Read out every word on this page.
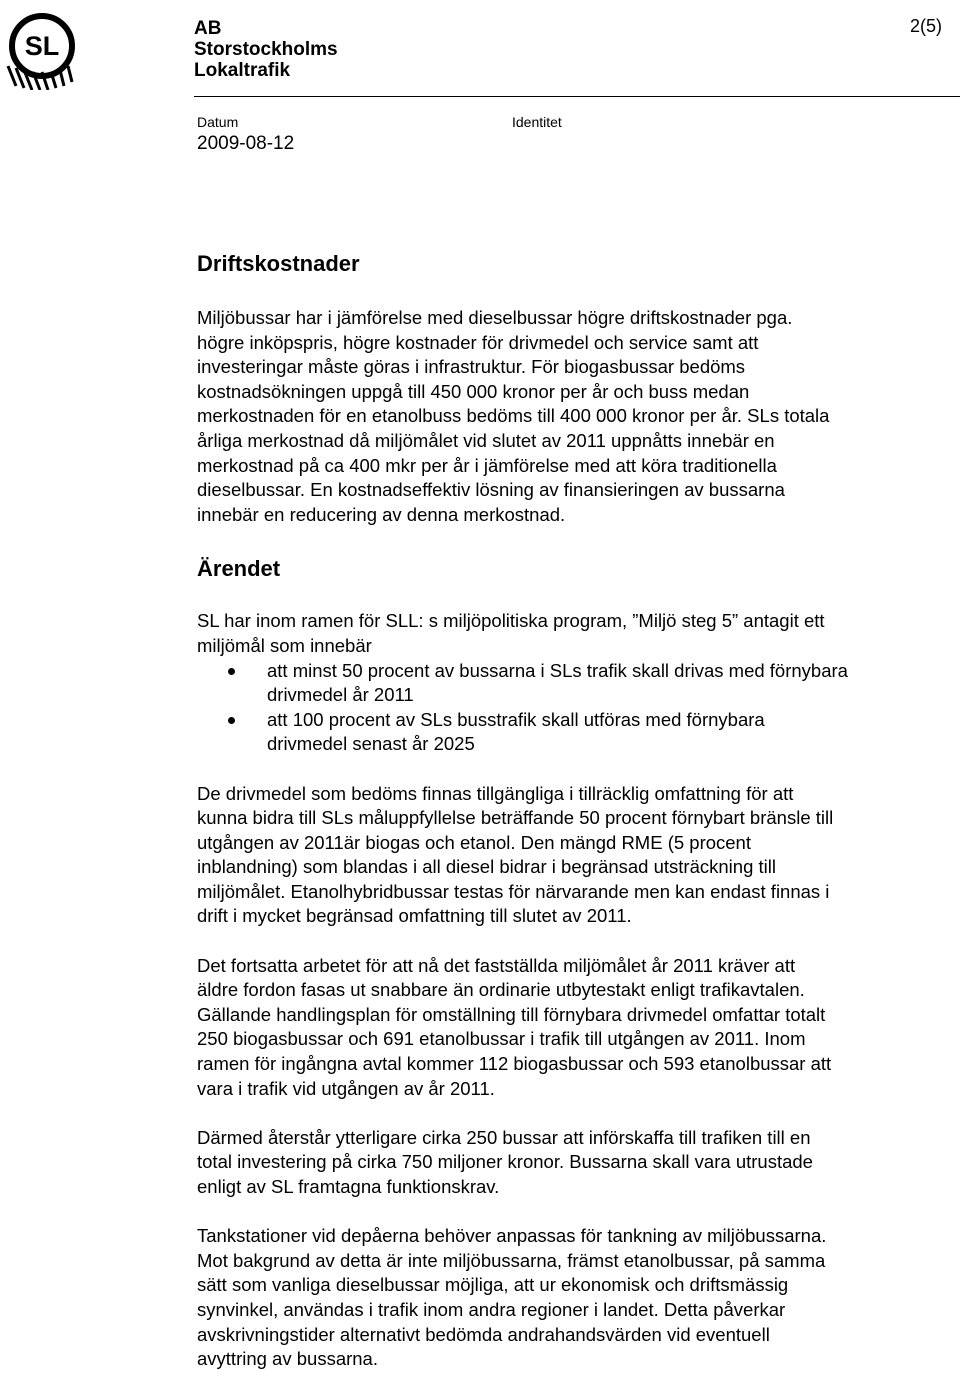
SL
AB
Storstockholms
Lokaltrafik
2(5)
Datum
2009-08-12
Identitet
Driftskostnader

Miljöbussar har i jämförelse med dieselbussar högre driftskostnader pga.
högre inköpspris, högre kostnader för drivmedel och service samt att
investeringar måste göras i infrastruktur. För biogasbussar bedöms
kostnadsökningen uppgå till 450 000 kronor per år och buss medan
merkostnaden för en etanolbuss bedöms till 400 000 kronor per år. SLs totala
årliga merkostnad då miljömålet vid slutet av 2011 uppnåtts innebär en
merkostnad på ca 400 mkr per år i jämförelse med att köra traditionella
dieselbussar. En kostnadseffektiv lösning av finansieringen av bussarna
innebär en reducering av denna merkostnad.

Ärendet

SL har inom ramen för SLL: s miljöpolitiska program, ”Miljö steg 5” antagit ett
miljömål som innebär

att minst 50 procent av bussarna i SLs trafik skall drivas med förnybara
drivmedel år 2011
att 100 procent av SLs busstrafik skall utföras med förnybara
drivmedel senast år 2025

De drivmedel som bedöms finnas tillgängliga i tillräcklig omfattning för att
kunna bidra till SLs måluppfyllelse beträffande 50 procent förnybart bränsle till
utgången av 2011är biogas och etanol. Den mängd RME (5 procent
inblandning) som blandas i all diesel bidrar i begränsad utsträckning till
miljömålet. Etanolhybridbussar testas för närvarande men kan endast finnas i
drift i mycket begränsad omfattning till slutet av 2011.

Det fortsatta arbetet för att nå det fastställda miljömålet år 2011 kräver att
äldre fordon fasas ut snabbare än ordinarie utbytestakt enligt trafikavtalen.
Gällande handlingsplan för omställning till förnybara drivmedel omfattar totalt
250 biogasbussar och 691 etanolbussar i trafik till utgången av 2011. Inom
ramen för ingångna avtal kommer 112 biogasbussar och 593 etanolbussar att
vara i trafik vid utgången av år 2011.

Därmed återstår ytterligare cirka 250 bussar att införskaffa till trafiken till en
total investering på cirka 750 miljoner kronor. Bussarna skall vara utrustade
enligt av SL framtagna funktionskrav.

Tankstationer vid depåerna behöver anpassas för tankning av miljöbussarna.
Mot bakgrund av detta är inte miljöbussarna, främst etanolbussar, på samma
sätt som vanliga dieselbussar möjliga, att ur ekonomisk och driftsmässig
synvinkel, användas i trafik inom andra regioner i landet. Detta påverkar
avskrivningstider alternativt bedömda andrahandsvärden vid eventuell
avyttring av bussarna.
